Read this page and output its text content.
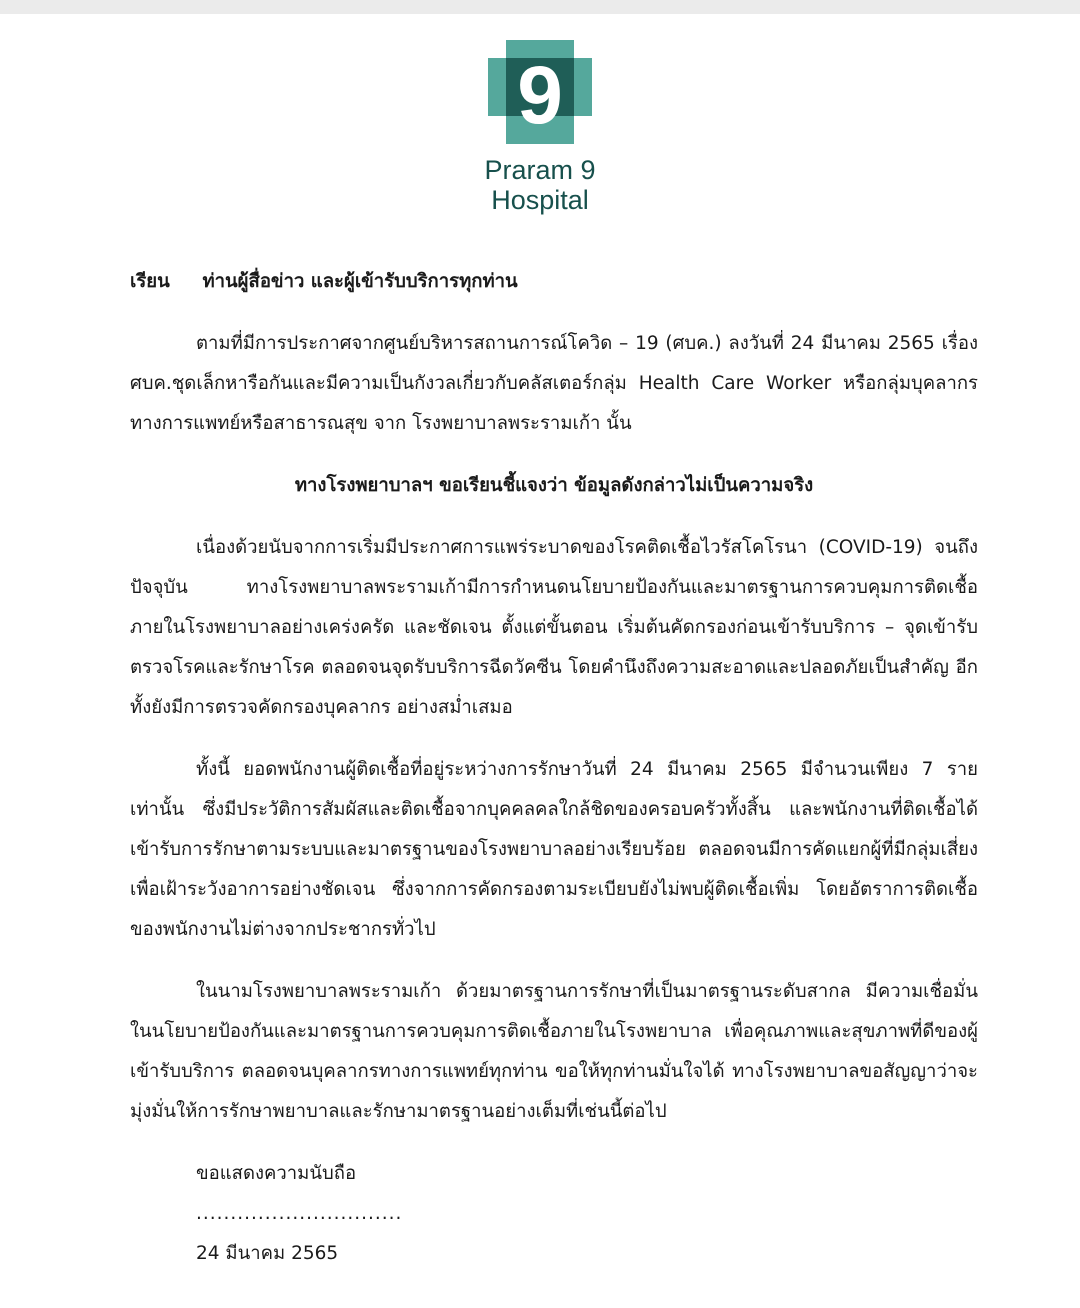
9
Praram 9
Hospital

เรียน ท่านผู้สื่อข่าว และผู้เข้ารับบริการทุกท่าน

ตามที่มีการประกาศจากศูนย์บริหารสถานการณ์โควิด – 19 (ศบค.) ลงวันที่ 24 มีนาคม 2565 เรื่อง ศบค.ชุดเล็กหารือกันและมีความเป็นกังวลเกี่ยวกับคลัสเตอร์กลุ่ม Health Care Worker หรือกลุ่มบุคลากรทางการแพทย์หรือสาธารณสุข จาก โรงพยาบาลพระรามเก้า นั้น

ทางโรงพยาบาลฯ ขอเรียนชี้แจงว่า ข้อมูลดังกล่าวไม่เป็นความจริง

เนื่องด้วยนับจากการเริ่มมีประกาศการแพร่ระบาดของโรคติดเชื้อไวรัสโคโรนา (COVID-19) จนถึงปัจจุบัน ทางโรงพยาบาลพระรามเก้ามีการกำหนดนโยบายป้องกันและมาตรฐานการควบคุมการติดเชื้อภายในโรงพยาบาลอย่างเคร่งครัด และชัดเจน ตั้งแต่ขั้นตอน เริ่มต้นคัดกรองก่อนเข้ารับบริการ – จุดเข้ารับตรวจโรคและรักษาโรค ตลอดจนจุดรับบริการฉีดวัคซีน โดยคำนึงถึงความสะอาดและปลอดภัยเป็นสำคัญ อีกทั้งยังมีการตรวจคัดกรองบุคลากร อย่างสม่ำเสมอ

ทั้งนี้ ยอดพนักงานผู้ติดเชื้อที่อยู่ระหว่างการรักษาวันที่ 24 มีนาคม 2565 มีจำนวนเพียง 7 รายเท่านั้น ซึ่งมีประวัติการสัมผัสและติดเชื้อจากบุคคลคลใกล้ชิดของครอบครัวทั้งสิ้น และพนักงานที่ติดเชื้อได้เข้ารับการรักษาตามระบบและมาตรฐานของโรงพยาบาลอย่างเรียบร้อย ตลอดจนมีการคัดแยกผู้ที่มีกลุ่มเสี่ยง เพื่อเฝ้าระวังอาการอย่างชัดเจน ซึ่งจากการคัดกรองตามระเบียบยังไม่พบผู้ติดเชื้อเพิ่ม โดยอัตราการติดเชื้อของพนักงานไม่ต่างจากประชากรทั่วไป

ในนามโรงพยาบาลพระรามเก้า ด้วยมาตรฐานการรักษาที่เป็นมาตรฐานระดับสากล มีความเชื่อมั่นในนโยบายป้องกันและมาตรฐานการควบคุมการติดเชื้อภายในโรงพยาบาล เพื่อคุณภาพและสุขภาพที่ดีของผู้เข้ารับบริการ ตลอดจนบุคลากรทางการแพทย์ทุกท่าน ขอให้ทุกท่านมั่นใจได้ ทางโรงพยาบาลขอสัญญาว่าจะมุ่งมั่นให้การรักษาพยาบาลและรักษามาตรฐานอย่างเต็มที่เช่นนี้ต่อไป

ขอแสดงความนับถือ
..............................
24 มีนาคม 2565
